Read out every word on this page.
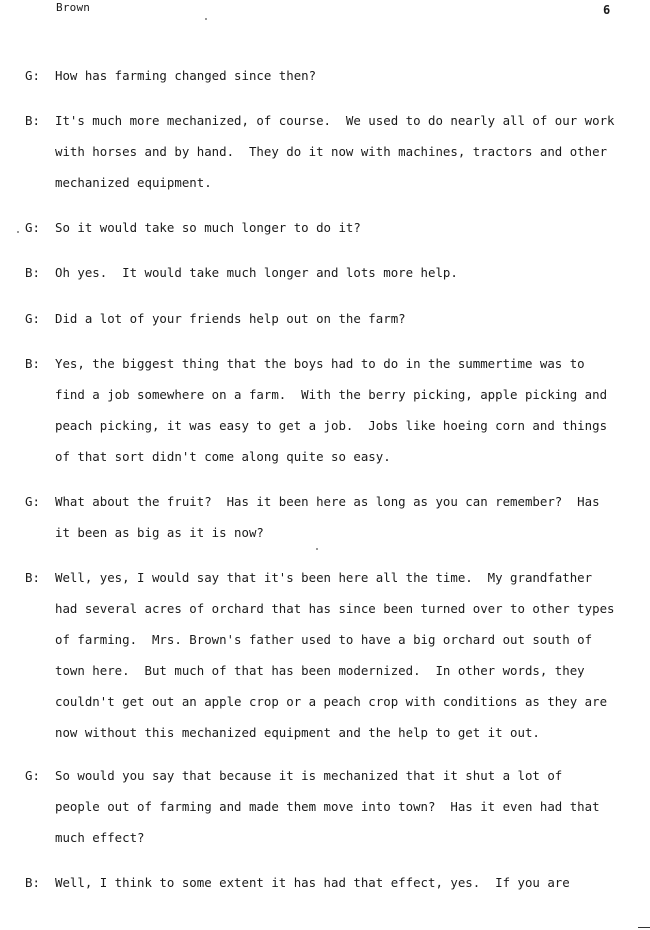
Brown	6
G: How has farming changed since then?
B: It's much more mechanized, of course.  We used to do nearly all of our work
with horses and by hand.  They do it now with machines, tractors and other
mechanized equipment.
G: So it would take so much longer to do it?
B: Oh yes.  It would take much longer and lots more help.
G: Did a lot of your friends help out on the farm?
B: Yes, the biggest thing that the boys had to do in the summertime was to
find a job somewhere on a farm.  With the berry picking, apple picking and
peach picking, it was easy to get a job.  Jobs like hoeing corn and things
of that sort didn't come along quite so easy.
G: What about the fruit?  Has it been here as long as you can remember?  Has
it been as big as it is now?
B: Well, yes, I would say that it's been here all the time.  My grandfather
had several acres of orchard that has since been turned over to other types
of farming.  Mrs. Brown's father used to have a big orchard out south of
town here.  But much of that has been modernized.  In other words, they
couldn't get out an apple crop or a peach crop with conditions as they are
now without this mechanized equipment and the help to get it out.
G: So would you say that because it is mechanized that it shut a lot of
people out of farming and made them move into town?  Has it even had that
much effect?
B: Well, I think to some extent it has had that effect, yes.  If you are
